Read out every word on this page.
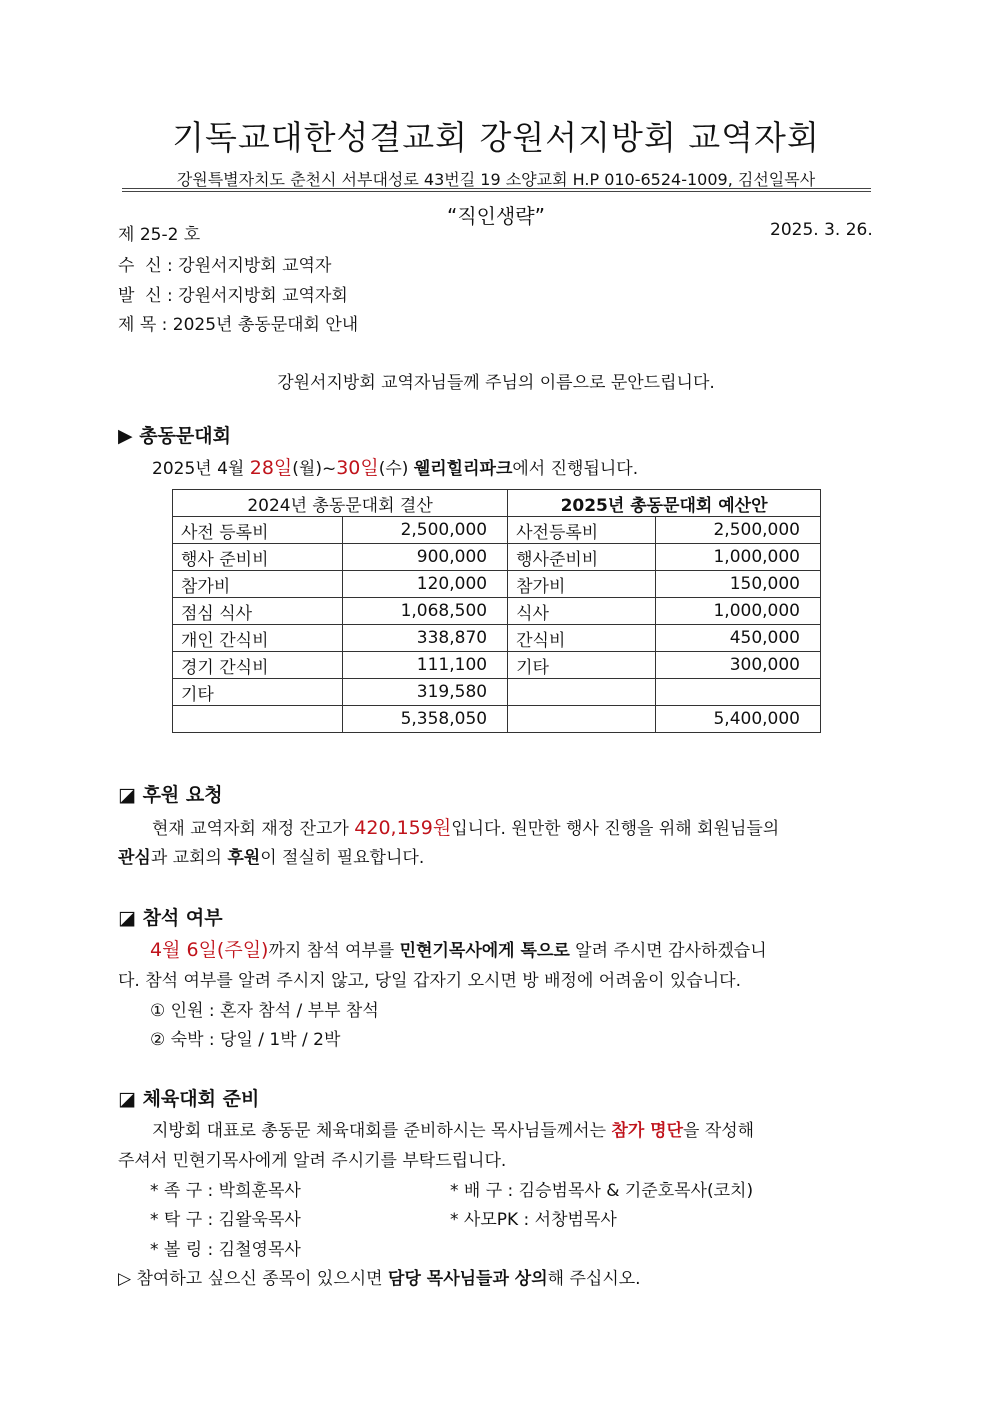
기독교대한성결교회 강원서지방회 교역자회
강원특별자치도 춘천시 서부대성로 43번길 19 소양교회 H.P 010-6524-1009, 김선일목사
“직인생략”
제 25-2 호	2025. 3. 26.
수  신 : 강원서지방회 교역자
발  신 : 강원서지방회 교역자회
제 목 : 2025년 총동문대회 안내
강원서지방회 교역자님들께 주님의 이름으로 문안드립니다.
▶ 총동문대회
2025년 4월 28일(월)~30일(수) 웰리힐리파크에서 진행됩니다.
2024년 총동문대회 결산		2025년 총동문대회 예산안	
사전 등록비	2,500,000	사전등록비	2,500,000
행사 준비비	900,000	행사준비비	1,000,000
참가비	120,000	참가비	150,000
점심 식사	1,068,500	식사	1,000,000
개인 간식비	338,870	간식비	450,000
경기 간식비	111,100	기타	300,000
기타	319,580		
	5,358,050		5,400,000
◪ 후원 요청
현재 교역자회 재정 잔고가 420,159원입니다. 원만한 행사 진행을 위해 회원님들의
관심과 교회의 후원이 절실히 필요합니다.
◪ 참석 여부
4월 6일(주일)까지 참석 여부를 민현기목사에게 톡으로 알려 주시면 감사하겠습니
다. 참석 여부를 알려 주시지 않고, 당일 갑자기 오시면 방 배정에 어려움이 있습니다.
① 인원 : 혼자 참석 / 부부 참석
② 숙박 : 당일 / 1박 / 2박
◪ 체육대회 준비
지방회 대표로 총동문 체육대회를 준비하시는 목사님들께서는 참가 명단을 작성해
주셔서 민현기목사에게 알려 주시기를 부탁드립니다.
* 족 구 : 박희훈목사	* 배 구 : 김승범목사 & 기준호목사(코치)
* 탁 구 : 김왈욱목사	* 사모PK : 서창범목사
* 볼 링 : 김철영목사
▷ 참여하고 싶으신 종목이 있으시면 담당 목사님들과 상의해 주십시오.
